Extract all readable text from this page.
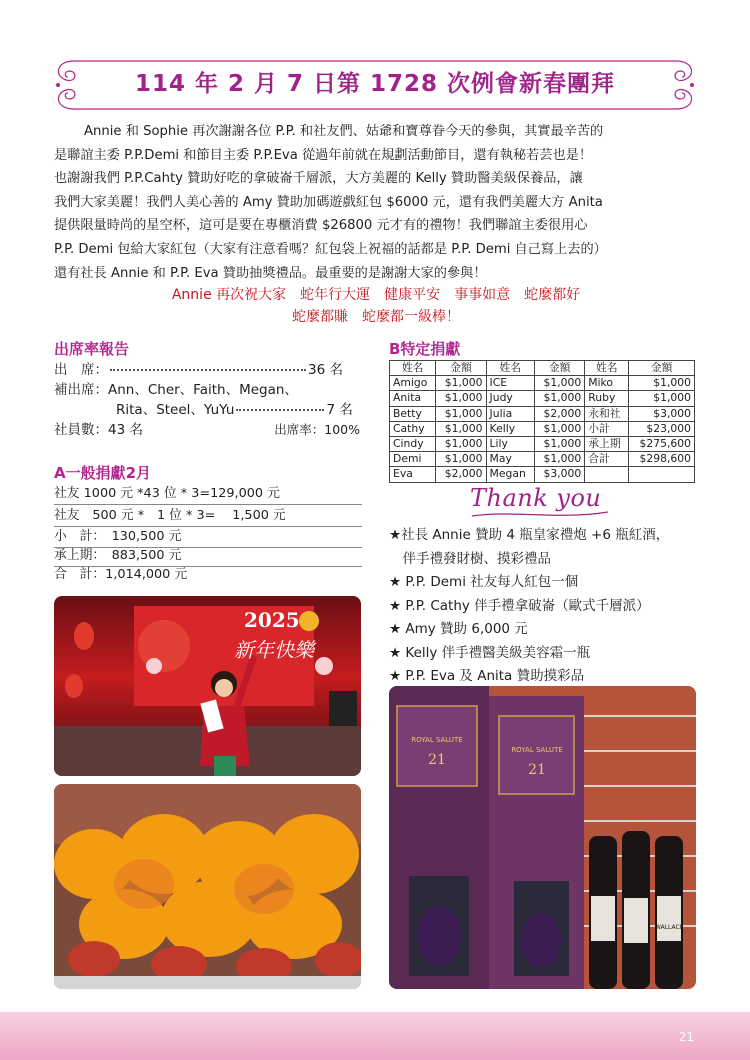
114 年 2 月 7 日第 1728 次例會新春團拜
Annie 和 Sophie 再次謝謝各位 P.P. 和社友們、姑爺和寶尊眷今天的參與，其實最辛苦的
是聯誼主委 P.P.Demi 和節目主委 P.P.Eva 從過年前就在規劃活動節目，還有執秘若芸也是！
也謝謝我們 P.P.Cahty 贊助好吃的拿破崙千層派，大方美麗的 Kelly 贊助醫美級保養品，讓
我們大家美麗！我們人美心善的 Amy 贊助加碼遊戲紅包 $6000 元，還有我們美麗大方 Anita
提供限量時尚的星空杯，這可是要在專櫃消費 $26800 元才有的禮物！我們聯誼主委很用心
P.P. Demi 包給大家紅包（大家有注意看嗎？紅包袋上祝福的話都是 P.P. Demi 自己寫上去的）
還有社長 Annie 和 P.P. Eva 贊助抽獎禮品。最重要的是謝謝大家的參與！
Annie 再次祝大家　蛇年行大運　健康平安　事事如意　蛇麼都好
蛇麼都賺　蛇麼都一級棒！
出席率報告
出　席：	36 名
補出席：Ann、Cher、Faith、Megan、
Rita、Steel、YuYu	7 名
社員數：43 名	出席率：100%
A一般捐獻2月
社友 1000 元 *43 位 * 3=129,000 元
社友　500 元 *　1 位 * 3=　 1,500 元
小　計：　130,500 元
承上期：　883,500 元
合　計：1,014,000 元
B特定捐獻
姓名	金額	姓名	金額	姓名	金額
Amigo	$1,000	ICE	$1,000	Miko	$1,000
Anita	$1,000	Judy	$1,000	Ruby	$1,000
Betty	$1,000	Julia	$2,000	永和社	$3,000
Cathy	$1,000	Kelly	$1,000	小計	$23,000
Cindy	$1,000	Lily	$1,000	承上期	$275,600
Demi	$1,000	May	$1,000	合計	$298,600
Eva	$2,000	Megan	$3,000		
Thank you
★社長 Annie 贊助 4 瓶皇家禮炮 +6 瓶紅酒，
　伴手禮發財樹、摸彩禮品
★ P.P. Demi 社友每人紅包一個
★ P.P. Cathy 伴手禮拿破崙（歐式千層派）
★ Amy 贊助 6,000 元
★ Kelly 伴手禮醫美級美容霜一瓶
★ P.P. Eva 及 Anita 贊助摸彩品
2025
新年快樂
ROYAL SALUTE
21
ROYAL SALUTE
21
WALLACE
21
